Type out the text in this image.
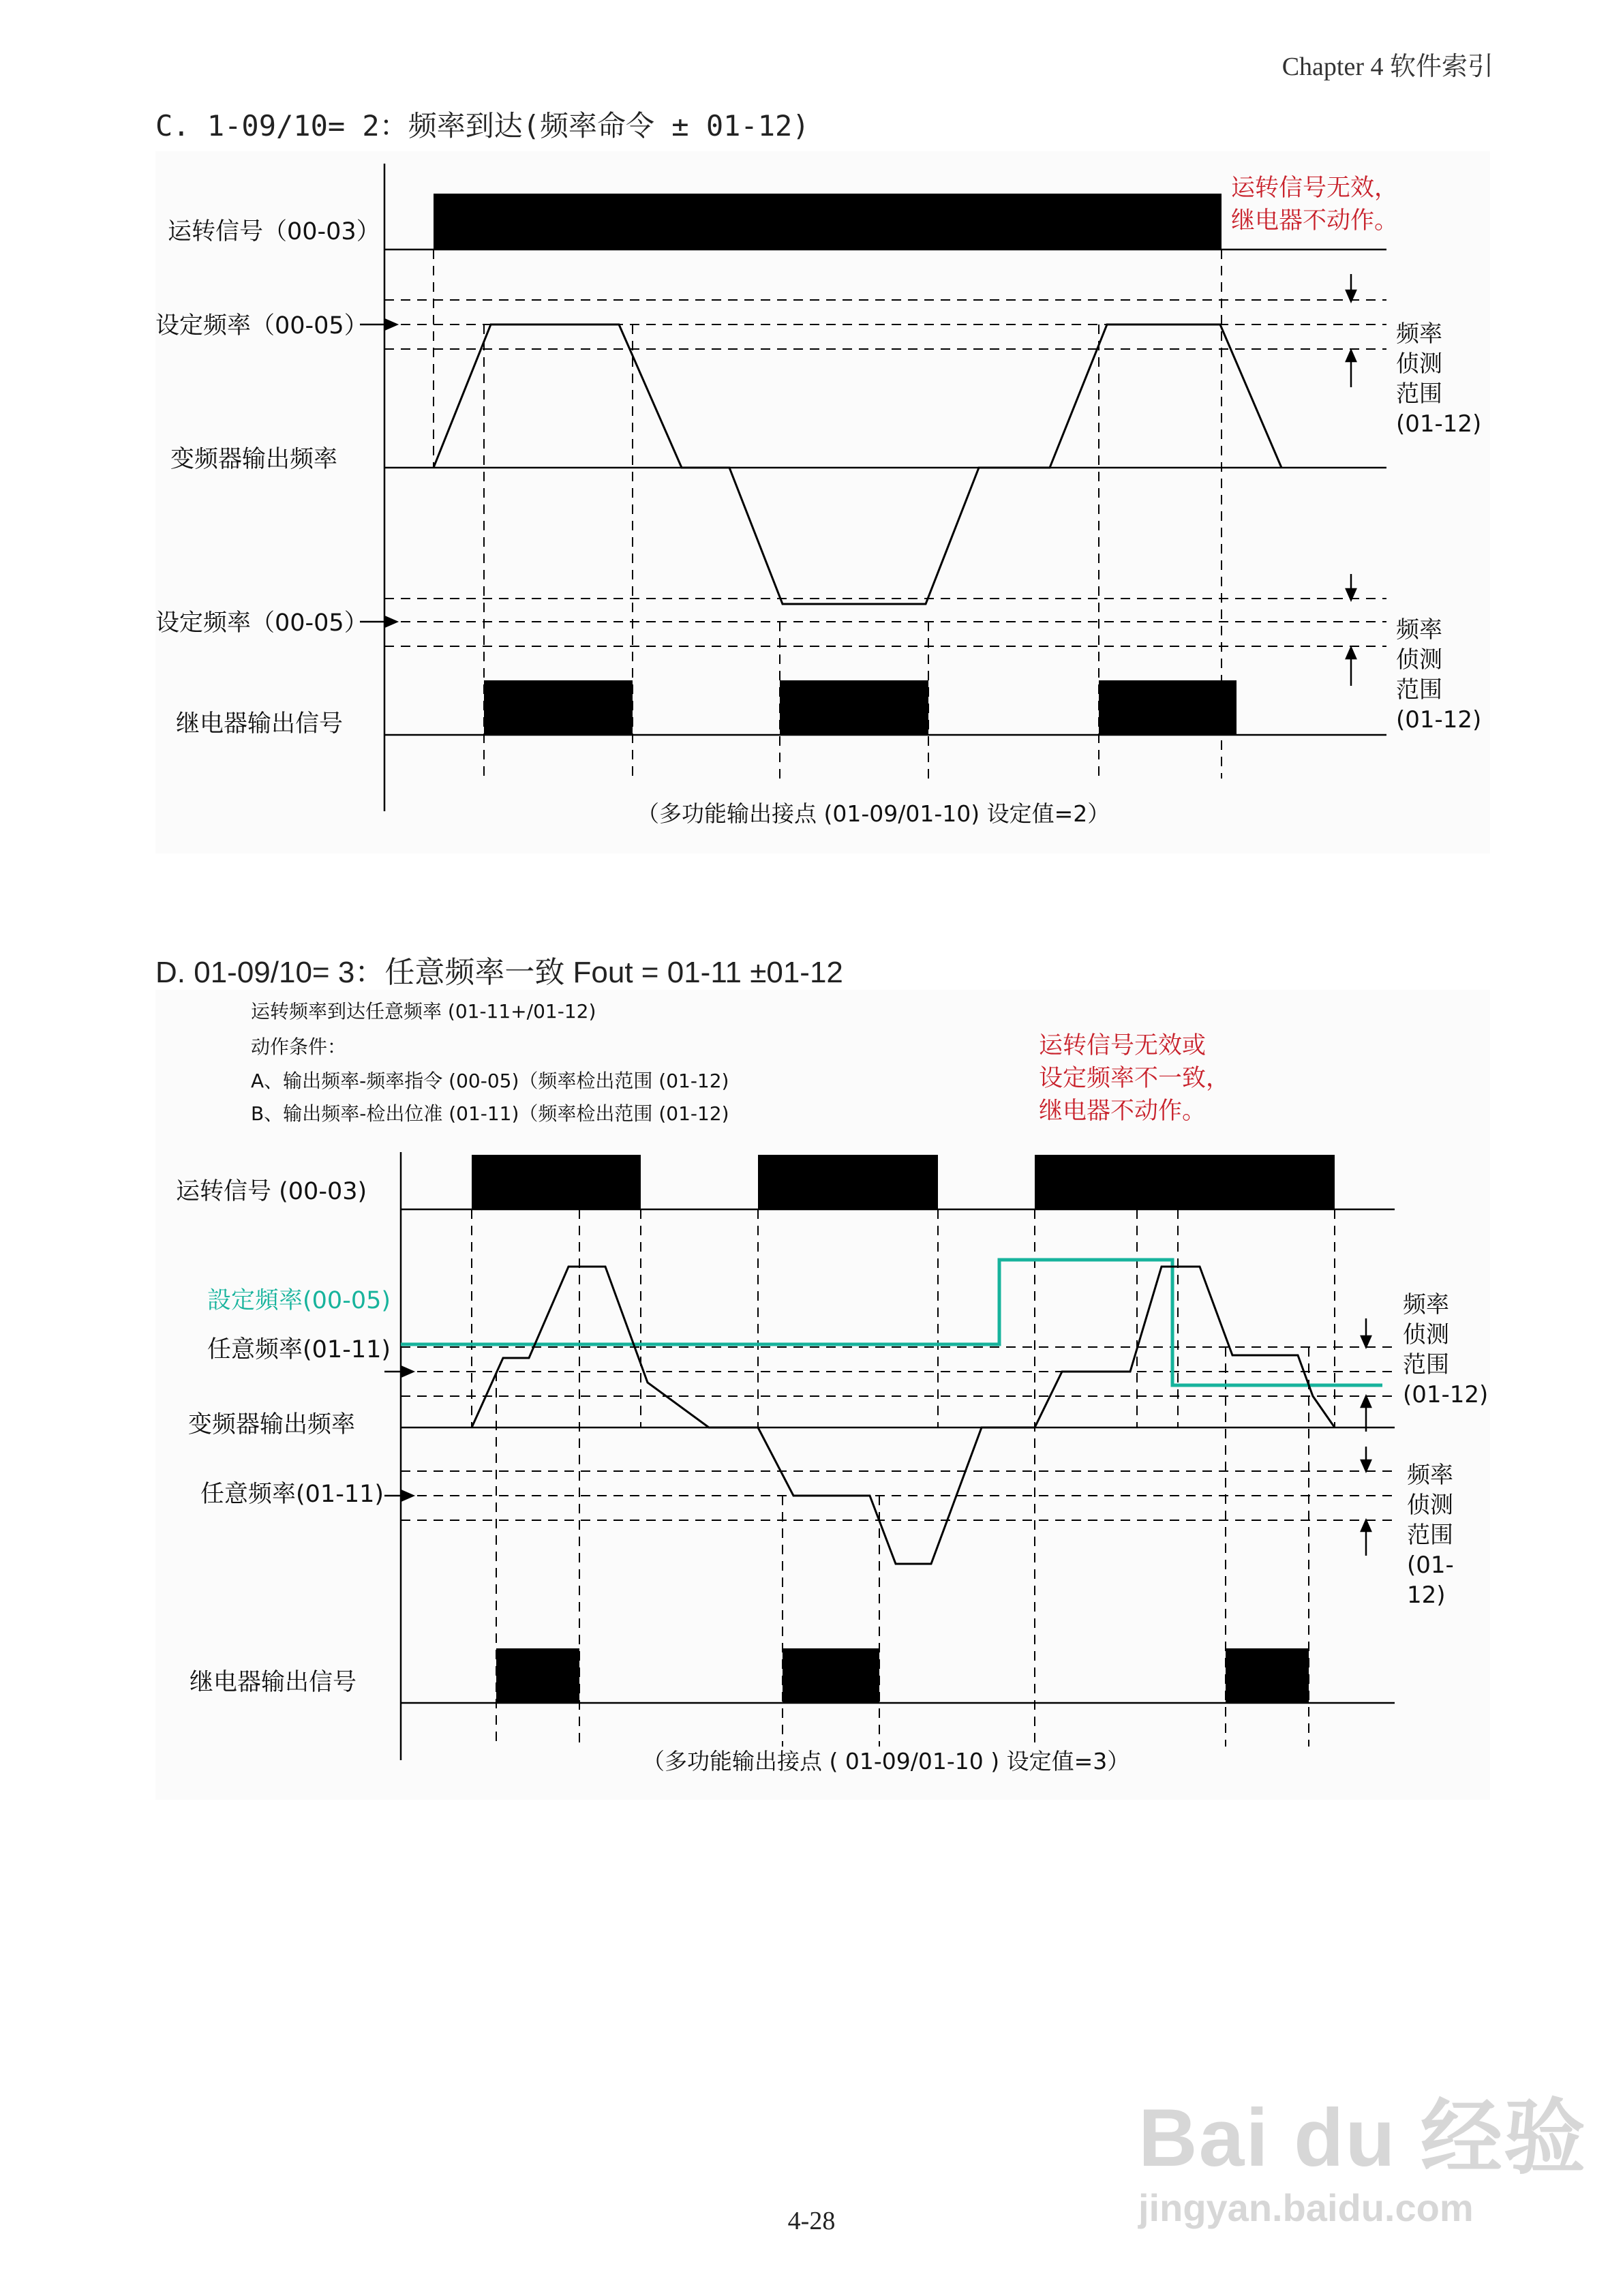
Chapter 4 软件索引
C. 1-09/10= 2：频率到达(频率命令 ± 01-12)
运转信号（00-03）
设定频率（00-05）
变频器输出频率
设定频率（00-05）
继电器输出信号
运转信号无效，
继电器不动作。
频率
侦测
范围
(01-12)
频率
侦测
范围
(01-12)
（多功能输出接点 (01-09/01-10) 设定值=2）
D. 01-09/10= 3：任意频率一致 Fout = 01-11 ±01-12
运转频率到达任意频率 (01-11+/01-12)
动作条件：
A、输出频率-频率指令 (00-05)（频率检出范围 (01-12)
B、输出频率-检出位准 (01-11)（频率检出范围 (01-12)
运转信号无效或
设定频率不一致，
继电器不动作。
运转信号 (00-03)
設定頻率(00-05)
任意频率(01-11)
变频器输出频率
任意频率(01-11)
继电器输出信号
频率
侦测
范围
(01-12)
频率
侦测
范围
(01-12)
（多功能输出接点 ( 01-09/01-10 ) 设定值=3）
Bai du 经验
jingyan.baidu.com
4-28
